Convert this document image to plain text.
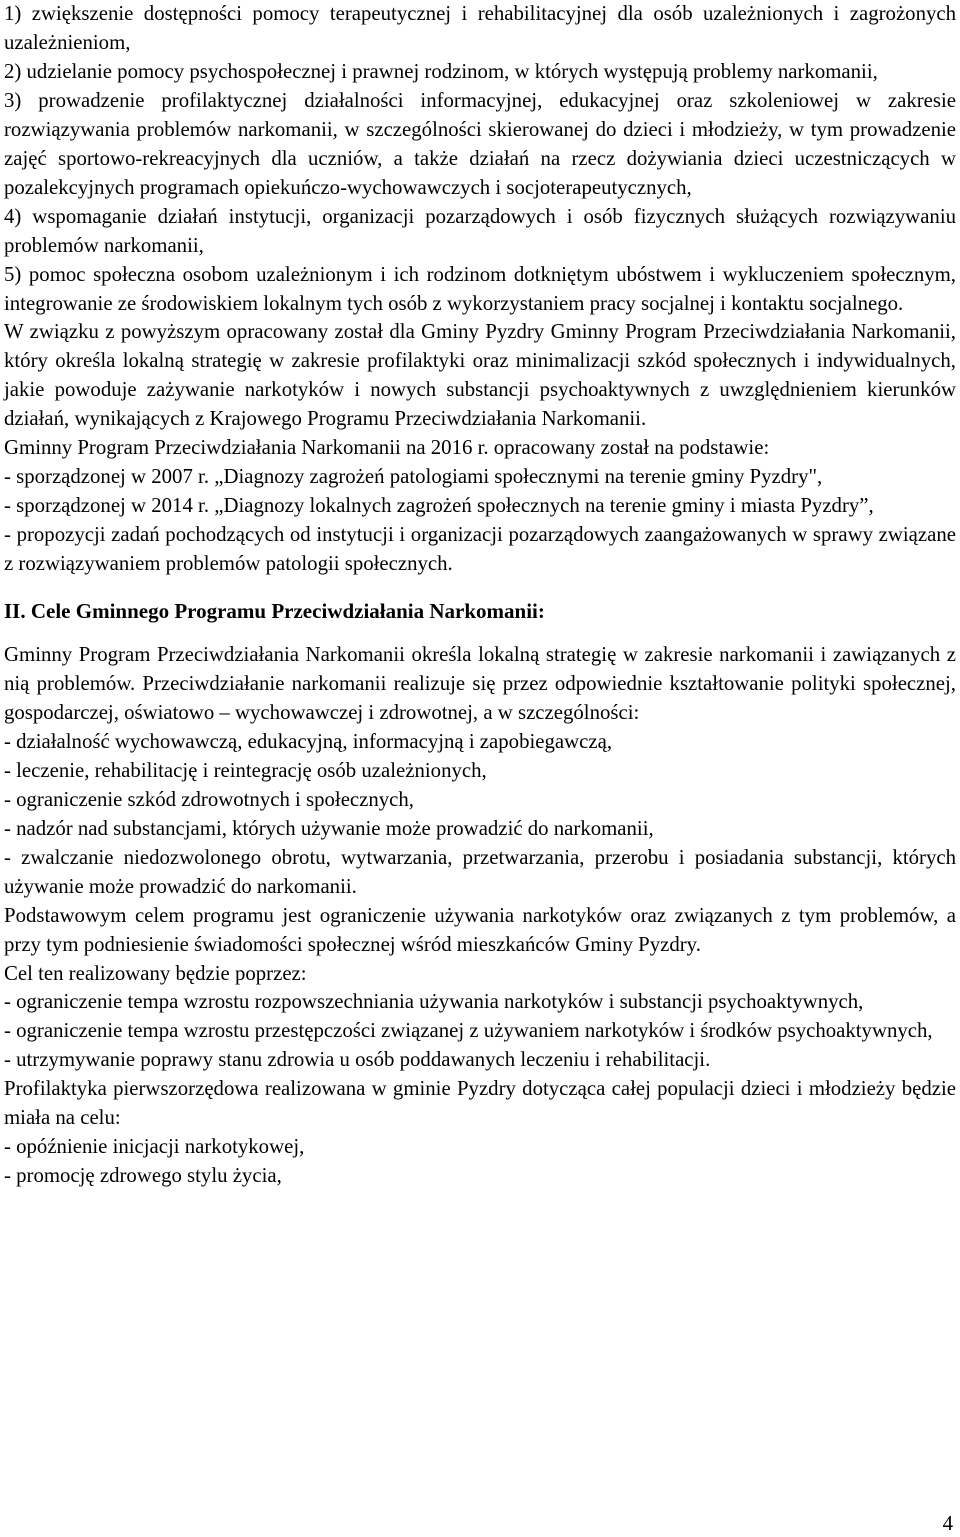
1) zwiększenie dostępności pomocy terapeutycznej i rehabilitacyjnej dla osób uzależnionych i zagrożonych uzależnieniom,

2) udzielanie pomocy psychospołecznej i prawnej rodzinom, w których występują problemy narkomanii,

3) prowadzenie profilaktycznej działalności informacyjnej, edukacyjnej oraz szkoleniowej w zakresie rozwiązywania problemów narkomanii, w szczególności skierowanej do dzieci i młodzieży, w tym prowadzenie zajęć sportowo-rekreacyjnych dla uczniów, a także działań na rzecz dożywiania dzieci uczestniczących w pozalekcyjnych programach opiekuńczo-wychowawczych i socjoterapeutycznych,

4) wspomaganie działań instytucji, organizacji pozarządowych i osób fizycznych służących rozwiązywaniu problemów narkomanii,

5) pomoc społeczna osobom uzależnionym i ich rodzinom dotkniętym ubóstwem i wykluczeniem społecznym, integrowanie ze środowiskiem lokalnym tych osób z wykorzystaniem pracy socjalnej i kontaktu socjalnego.

W związku z powyższym opracowany został dla Gminy Pyzdry Gminny Program Przeciwdziałania Narkomanii, który określa lokalną strategię w zakresie profilaktyki oraz minimalizacji szkód społecznych i indywidualnych, jakie powoduje zażywanie narkotyków i nowych substancji psychoaktywnych z uwzględnieniem kierunków działań, wynikających z Krajowego Programu Przeciwdziałania Narkomanii.

Gminny Program Przeciwdziałania Narkomanii na 2016 r. opracowany został na podstawie:

- sporządzonej w 2007 r. „Diagnozy zagrożeń patologiami społecznymi na terenie gminy Pyzdry",

- sporządzonej w 2014 r. „Diagnozy lokalnych zagrożeń społecznych na terenie gminy i miasta Pyzdry”,

- propozycji zadań pochodzących od instytucji i organizacji pozarządowych zaangażowanych w sprawy związane z rozwiązywaniem problemów patologii społecznych.

II. Cele Gminnego Programu Przeciwdziałania Narkomanii:

Gminny Program Przeciwdziałania Narkomanii określa lokalną strategię w zakresie narkomanii i zawiązanych z nią problemów. Przeciwdziałanie narkomanii realizuje się przez odpowiednie kształtowanie polityki społecznej, gospodarczej, oświatowo – wychowawczej i zdrowotnej, a w szczególności:

- działalność wychowawczą, edukacyjną, informacyjną i zapobiegawczą,

- leczenie, rehabilitację i reintegrację osób uzależnionych,

- ograniczenie szkód zdrowotnych i społecznych,

- nadzór nad substancjami, których używanie może prowadzić do narkomanii,

- zwalczanie niedozwolonego obrotu, wytwarzania, przetwarzania, przerobu i posiadania substancji, których używanie może prowadzić do narkomanii.

Podstawowym celem programu jest ograniczenie używania narkotyków oraz związanych z tym problemów, a przy tym podniesienie świadomości społecznej wśród mieszkańców Gminy Pyzdry.

Cel ten realizowany będzie poprzez:

- ograniczenie tempa wzrostu rozpowszechniania używania narkotyków i substancji psychoaktywnych,

- ograniczenie tempa wzrostu przestępczości związanej z używaniem narkotyków i środków psychoaktywnych,

- utrzymywanie poprawy stanu zdrowia u osób poddawanych leczeniu i rehabilitacji.

Profilaktyka pierwszorzędowa realizowana w gminie Pyzdry dotycząca całej populacji dzieci i młodzieży będzie miała na celu:

- opóźnienie inicjacji narkotykowej,

- promocję zdrowego stylu życia,

4
